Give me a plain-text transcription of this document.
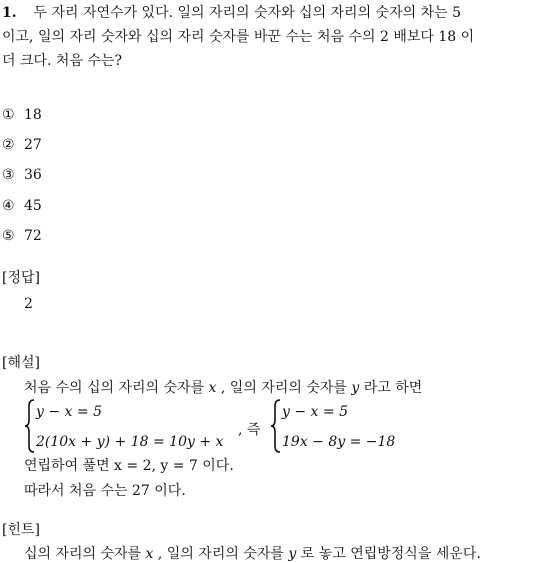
1. 두 자리 자연수가 있다. 일의 자리의 숫자와 십의 자리의 숫자의 차는 5
이고, 일의 자리 숫자와 십의 자리 숫자를 바꾼 수는 처음 수의 2 배보다 18 이
더 크다. 처음 수는?
① 18
② 27
③ 36
④ 45
⑤ 72
[정답]
2
[해설]
처음 수의 십의 자리의 숫자를 x , 일의 자리의 숫자를 y 라고 하면
y − x = 5
2(10x + y) + 18 = 10y + x
, 즉
y − x = 5
19x − 8y = −18
연립하여 풀면 x = 2, y = 7 이다.
따라서 처음 수는 27 이다.
[힌트]
십의 자리의 숫자를 x , 일의 자리의 숫자를 y 로 놓고 연립방정식을 세운다.
